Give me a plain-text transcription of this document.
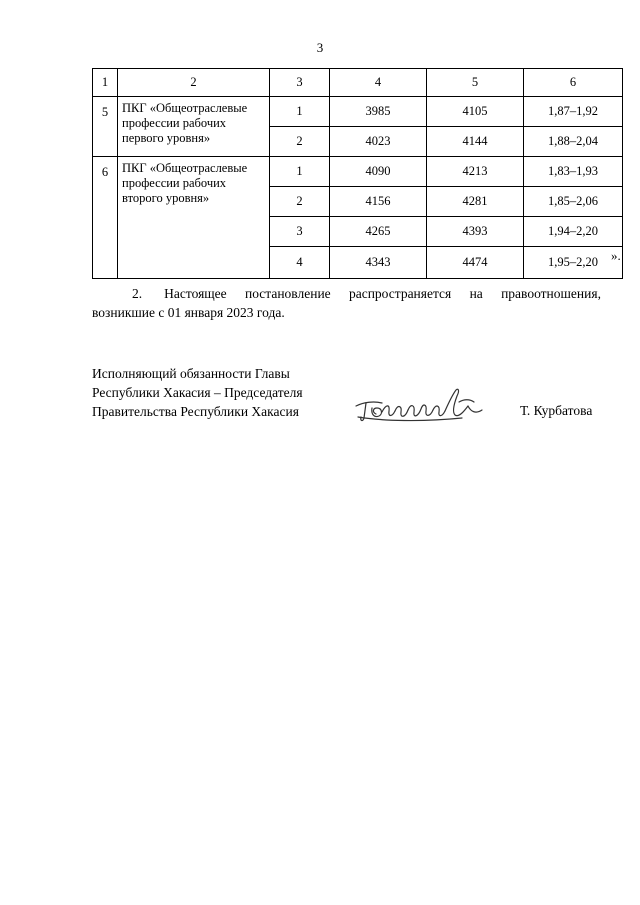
3
1	2	3	4	5	6
5	ПКГ «Общеотраслевые профессии рабочих первого уровня»	1	3985	4105	1,87–1,92
		2	4023	4144	1,88–2,04
6	ПКГ «Общеотраслевые профессии рабочих второго уровня»	1	4090	4213	1,83–1,93
		2	4156	4281	1,85–2,06
		3	4265	4393	1,94–2,20
		4	4343	4474	1,95–2,20 ».
2. Настоящее постановление распространяется на правоотношения,
возникшие с 01 января 2023 года.
Исполняющий обязанности Главы
Республики Хакасия – Председателя
Правительства Республики Хакасия	Т. Курбатова
